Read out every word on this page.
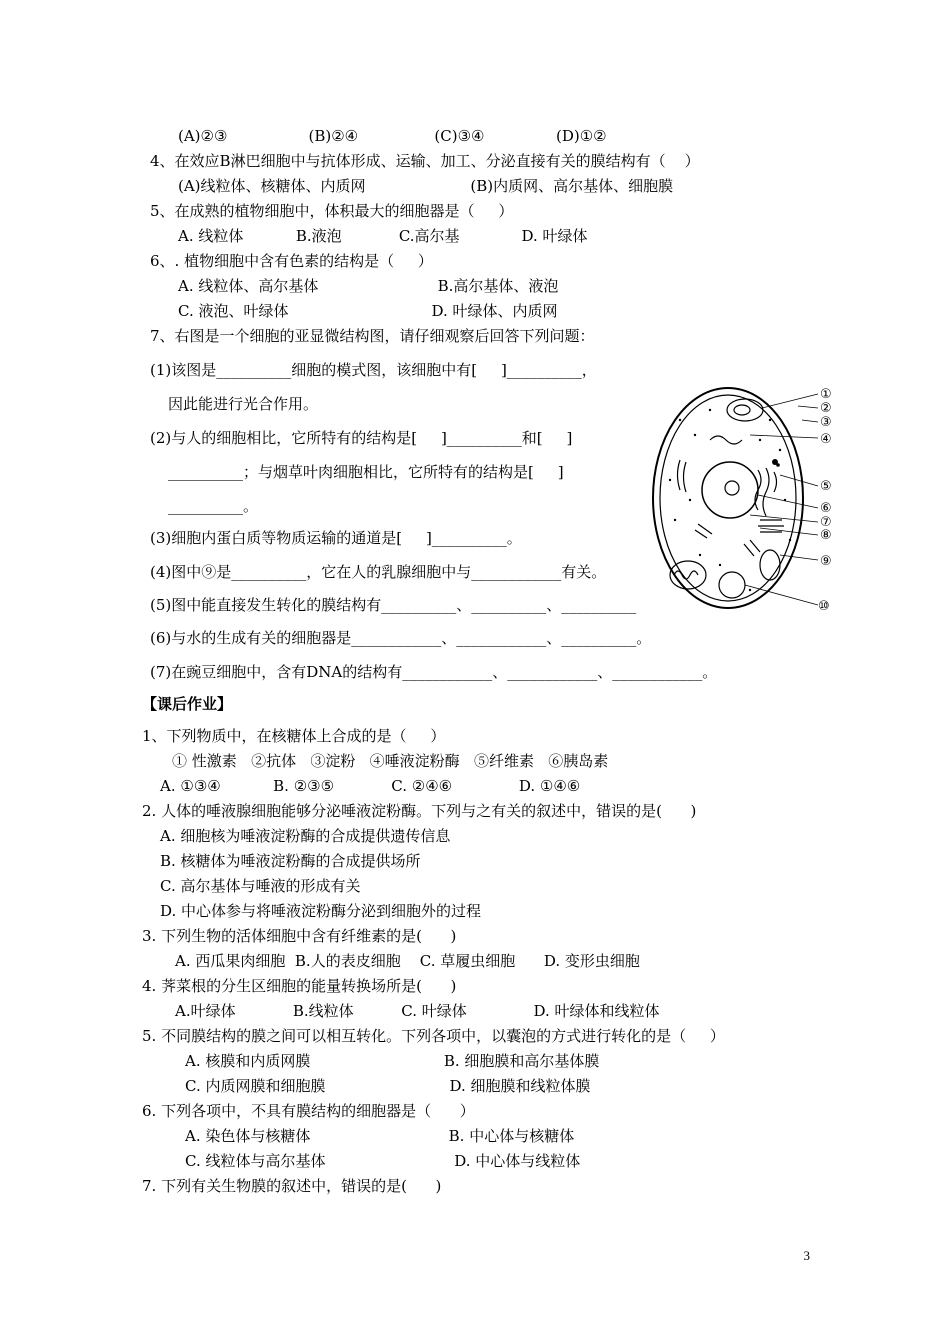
(A)②③                 (B)②④                (C)③④               (D)①②
4、在效应B淋巴细胞中与抗体形成、运输、加工、分泌直接有关的膜结构有（    ）
(A)线粒体、核糖体、内质网                      (B)内质网、高尔基体、细胞膜
5、在成熟的植物细胞中，体积最大的细胞器是（     ）
A. 线粒体           B.液泡            C.高尔基             D. 叶绿体
6、. 植物细胞中含有色素的结构是（     ）
A. 线粒体、高尔基体                         B.高尔基体、液泡
C. 液泡、叶绿体                              D. 叶绿体、内质网
7、右图是一个细胞的亚显微结构图，请仔细观察后回答下列问题：
(1)该图是__________细胞的模式图，该细胞中有[     ]__________，
因此能进行光合作用。
(2)与人的细胞相比，它所特有的结构是[     ]__________和[     ]
__________；与烟草叶肉细胞相比，它所特有的结构是[     ]
__________。
(3)细胞内蛋白质等物质运输的通道是[     ]__________。
(4)图中⑨是__________，它在人的乳腺细胞中与____________有关。
(5)图中能直接发生转化的膜结构有__________、__________、__________
(6)与水的生成有关的细胞器是____________、____________、__________。
(7)在豌豆细胞中，含有DNA的结构有____________、____________、____________。
【课后作业】
1、下列物质中，在核糖体上合成的是（     ）
① 性激素   ②抗体   ③淀粉   ④唾液淀粉酶   ⑤纤维素   ⑥胰岛素
A. ①③④           B. ②③⑤            C. ②④⑥              D. ①④⑥
2. 人体的唾液腺细胞能够分泌唾液淀粉酶。下列与之有关的叙述中，错误的是(      )
A. 细胞核为唾液淀粉酶的合成提供遗传信息
B. 核糖体为唾液淀粉酶的合成提供场所
C. 高尔基体与唾液的形成有关
D. 中心体参与将唾液淀粉酶分泌到细胞外的过程
3. 下列生物的活体细胞中含有纤维素的是(      )
A. 西瓜果肉细胞  B.人的表皮细胞    C. 草履虫细胞      D. 变形虫细胞
4. 荠菜根的分生区细胞的能量转换场所是(      )
A.叶绿体            B.线粒体          C. 叶绿体              D. 叶绿体和线粒体
5. 不同膜结构的膜之间可以相互转化。下列各项中，以囊泡的方式进行转化的是（     ）
A. 核膜和内质网膜                            B. 细胞膜和高尔基体膜
C. 内质网膜和细胞膜                          D. 细胞膜和线粒体膜
6. 下列各项中，不具有膜结构的细胞器是（      ）
A. 染色体与核糖体                             B. 中心体与核糖体
C. 线粒体与高尔基体                           D. 中心体与线粒体
7. 下列有关生物膜的叙述中，错误的是(      )
①
②
③
④
⑤
⑥
⑦
⑧
⑨
⑩
3
